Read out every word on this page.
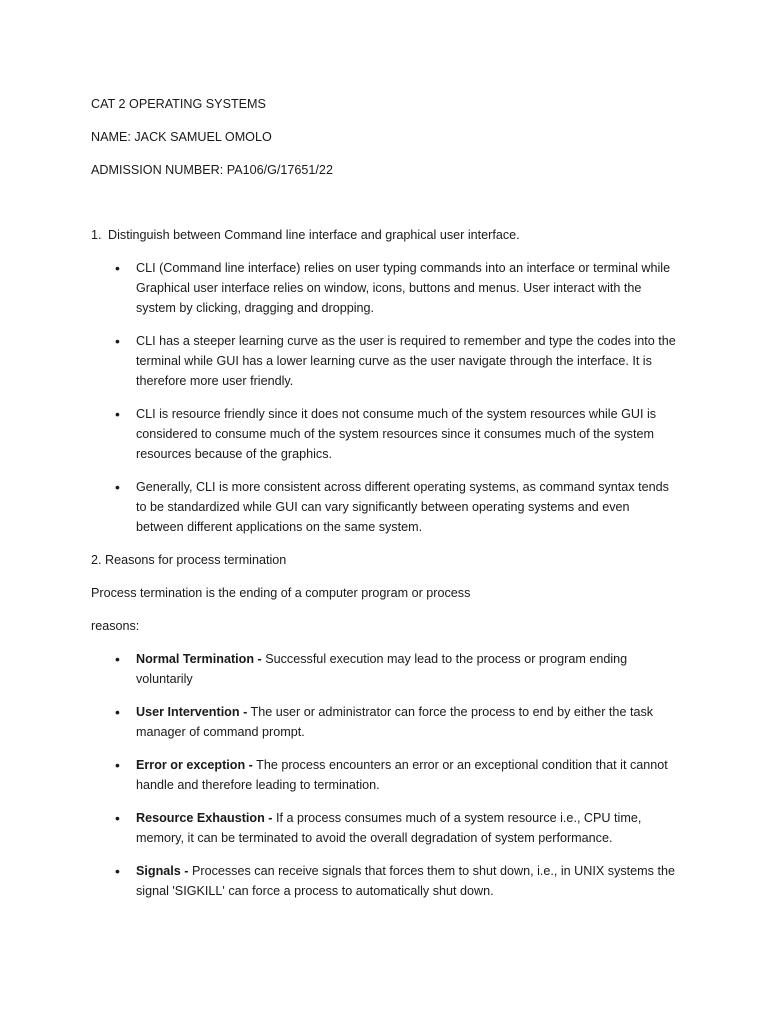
CAT 2 OPERATING SYSTEMS

NAME: JACK SAMUEL OMOLO

ADMISSION NUMBER: PA106/G/17651/22

1. Distinguish between Command line interface and graphical user interface.

• CLI (Command line interface) relies on user typing commands into an interface or terminal while Graphical user interface relies on window, icons, buttons and menus. User interact with the system by clicking, dragging and dropping.
• CLI has a steeper learning curve as the user is required to remember and type the codes into the terminal while GUI has a lower learning curve as the user navigate through the interface. It is therefore more user friendly.
• CLI is resource friendly since it does not consume much of the system resources while GUI is considered to consume much of the system resources since it consumes much of the system resources because of the graphics.
• Generally, CLI is more consistent across different operating systems, as command syntax tends to be standardized while GUI can vary significantly between operating systems and even between different applications on the same system.

2. Reasons for process termination

Process termination is the ending of a computer program or process

reasons:

• Normal Termination - Successful execution may lead to the process or program ending voluntarily
• User Intervention - The user or administrator can force the process to end by either the task manager of command prompt.
• Error or exception - The process encounters an error or an exceptional condition that it cannot handle and therefore leading to termination.
• Resource Exhaustion - If a process consumes much of a system resource i.e., CPU time, memory, it can be terminated to avoid the overall degradation of system performance.
• Signals - Processes can receive signals that forces them to shut down, i.e., in UNIX systems the signal 'SIGKILL' can force a process to automatically shut down.
